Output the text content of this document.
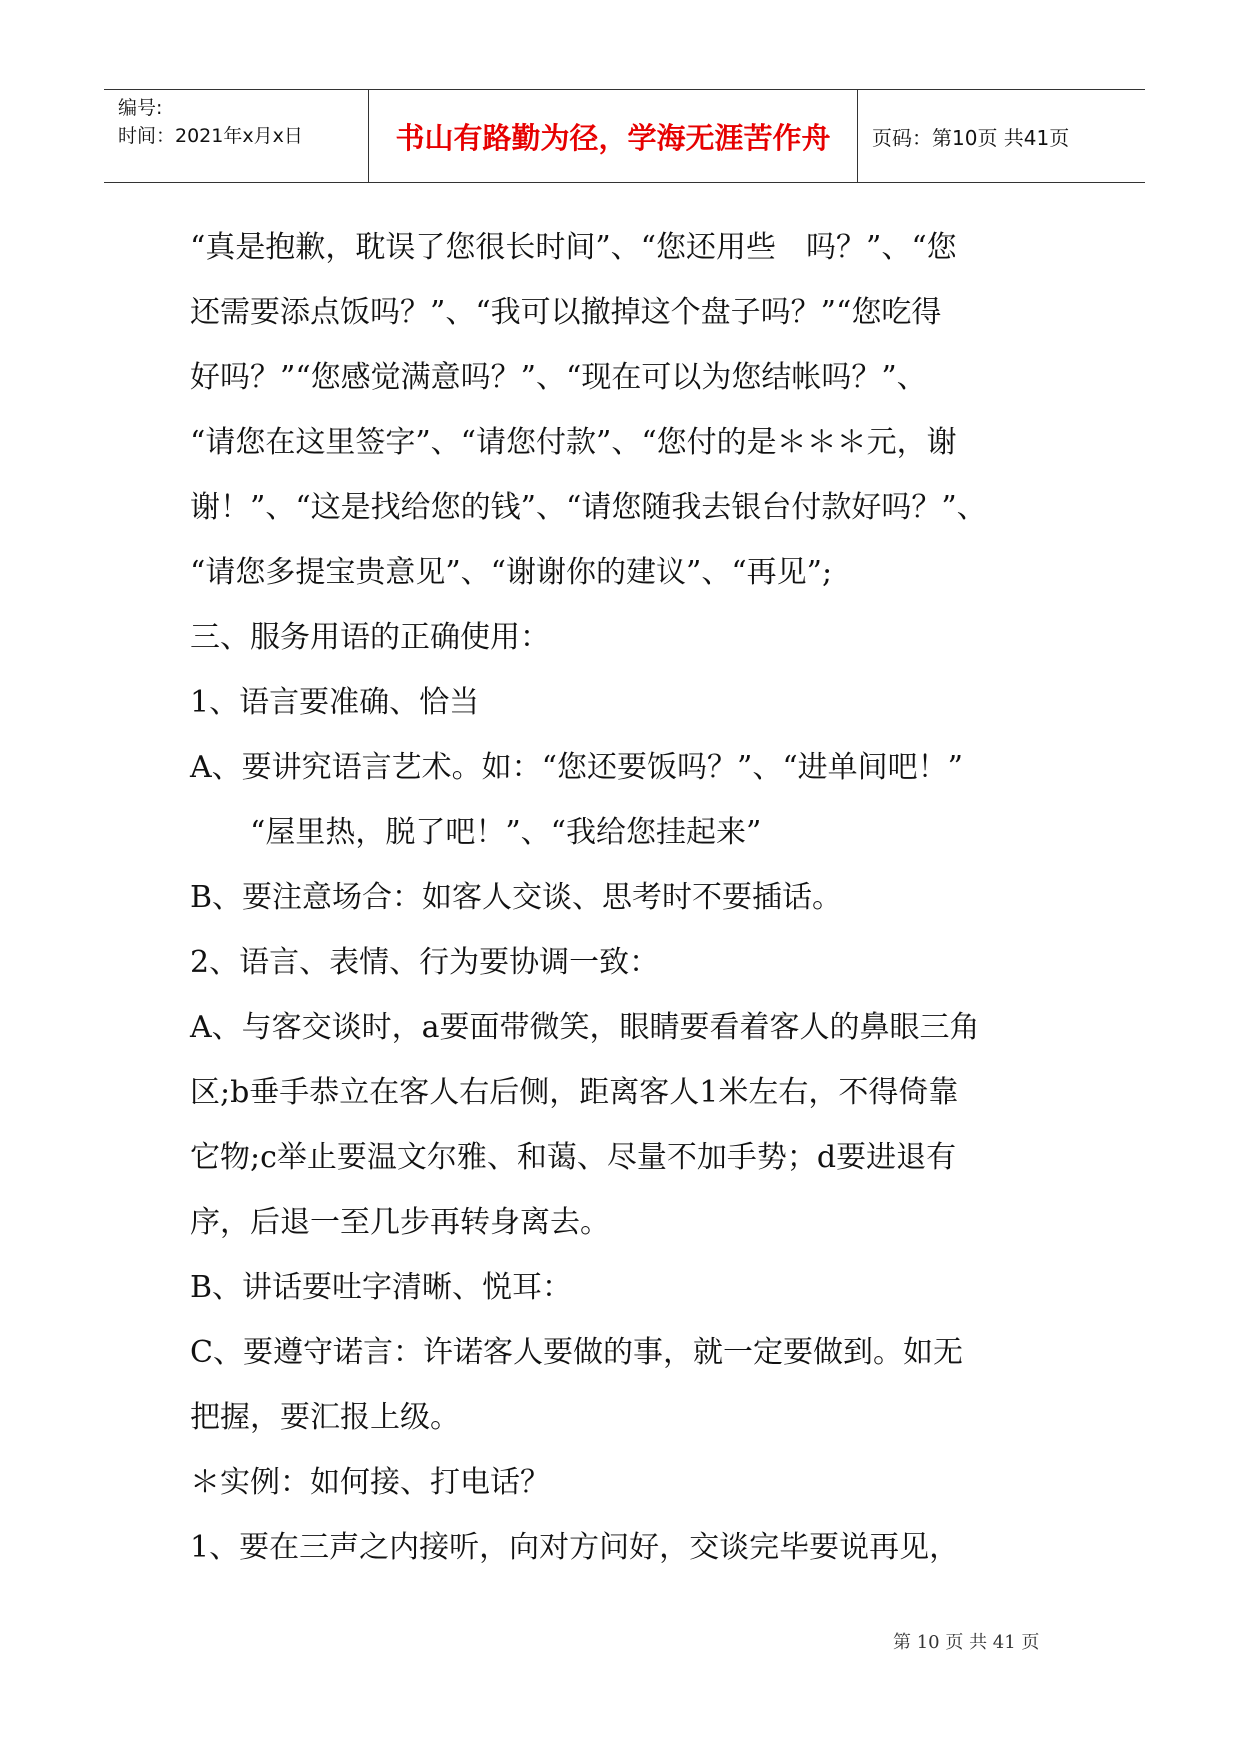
编号:
时间：2021年x月x日	书山有路勤为径，学海无涯苦作舟	页码：第10页 共41页
“真是抱歉，耽误了您很长时间”、“您还用些　吗？”、“您
还需要添点饭吗？”、“我可以撤掉这个盘子吗？”“您吃得
好吗？”“您感觉满意吗？”、“现在可以为您结帐吗？”、
“请您在这里签字”、“请您付款”、“您付的是＊＊＊元，谢
谢！”、“这是找给您的钱”、“请您随我去银台付款好吗？”、
“请您多提宝贵意见”、“谢谢你的建议”、“再见”;
三、服务用语的正确使用：
1、语言要准确、恰当
A、要讲究语言艺术。如：“您还要饭吗？”、“进单间吧！”
“屋里热，脱了吧！”、“我给您挂起来”
B、要注意场合：如客人交谈、思考时不要插话。
2、语言、表情、行为要协调一致：
A、与客交谈时，a要面带微笑，眼睛要看着客人的鼻眼三角
区;b垂手恭立在客人右后侧，距离客人1米左右，不得倚靠
它物;c举止要温文尔雅、和蔼、尽量不加手势；d要进退有
序，后退一至几步再转身离去。
B、讲话要吐字清晰、悦耳：
C、要遵守诺言：许诺客人要做的事，就一定要做到。如无
把握，要汇报上级。
＊实例：如何接、打电话？
1、要在三声之内接听，向对方问好，交谈完毕要说再见，
第 10 页 共 41 页
